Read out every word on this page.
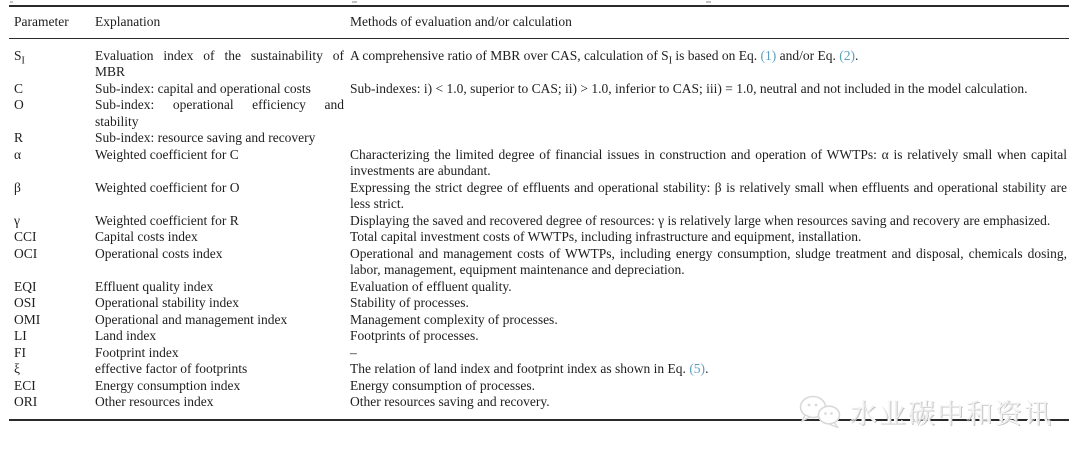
Parameter	Explanation	Methods of evaluation and/or calculation
$S_I$	Evaluation index of the sustainability of MBR	A comprehensive ratio of MBR over CAS, calculation of $S_I$ is based on Eq. (1) and/or Eq. (2).
C	Sub-index: capital and operational costs	Sub-indexes: i) < 1.0, superior to CAS; ii) > 1.0, inferior to CAS; iii) = 1.0, neutral and not included in the model calculation.
O	Sub-index: operational efficiency and stability	
R	Sub-index: resource saving and recovery	
α	Weighted coefficient for C	Characterizing the limited degree of financial issues in construction and operation of WWTPs: α is relatively small when capital investments are abundant.
β	Weighted coefficient for O	Expressing the strict degree of effluents and operational stability: β is relatively small when effluents and operational stability are less strict.
γ	Weighted coefficient for R	Displaying the saved and recovered degree of resources: γ is relatively large when resources saving and recovery are emphasized.
CCI	Capital costs index	Total capital investment costs of WWTPs, including infrastructure and equipment, installation.
OCI	Operational costs index	Operational and management costs of WWTPs, including energy consumption, sludge treatment and disposal, chemicals dosing, labor, management, equipment maintenance and depreciation.
EQI	Effluent quality index	Evaluation of effluent quality.
OSI	Operational stability index	Stability of processes.
OMI	Operational and management index	Management complexity of processes.
LI	Land index	Footprints of processes.
FI	Footprint index	–
ξ	effective factor of footprints	The relation of land index and footprint index as shown in Eq. (5).
ECI	Energy consumption index	Energy consumption of processes.
ORI	Other resources index	Other resources saving and recovery.	水业碳中和资讯
